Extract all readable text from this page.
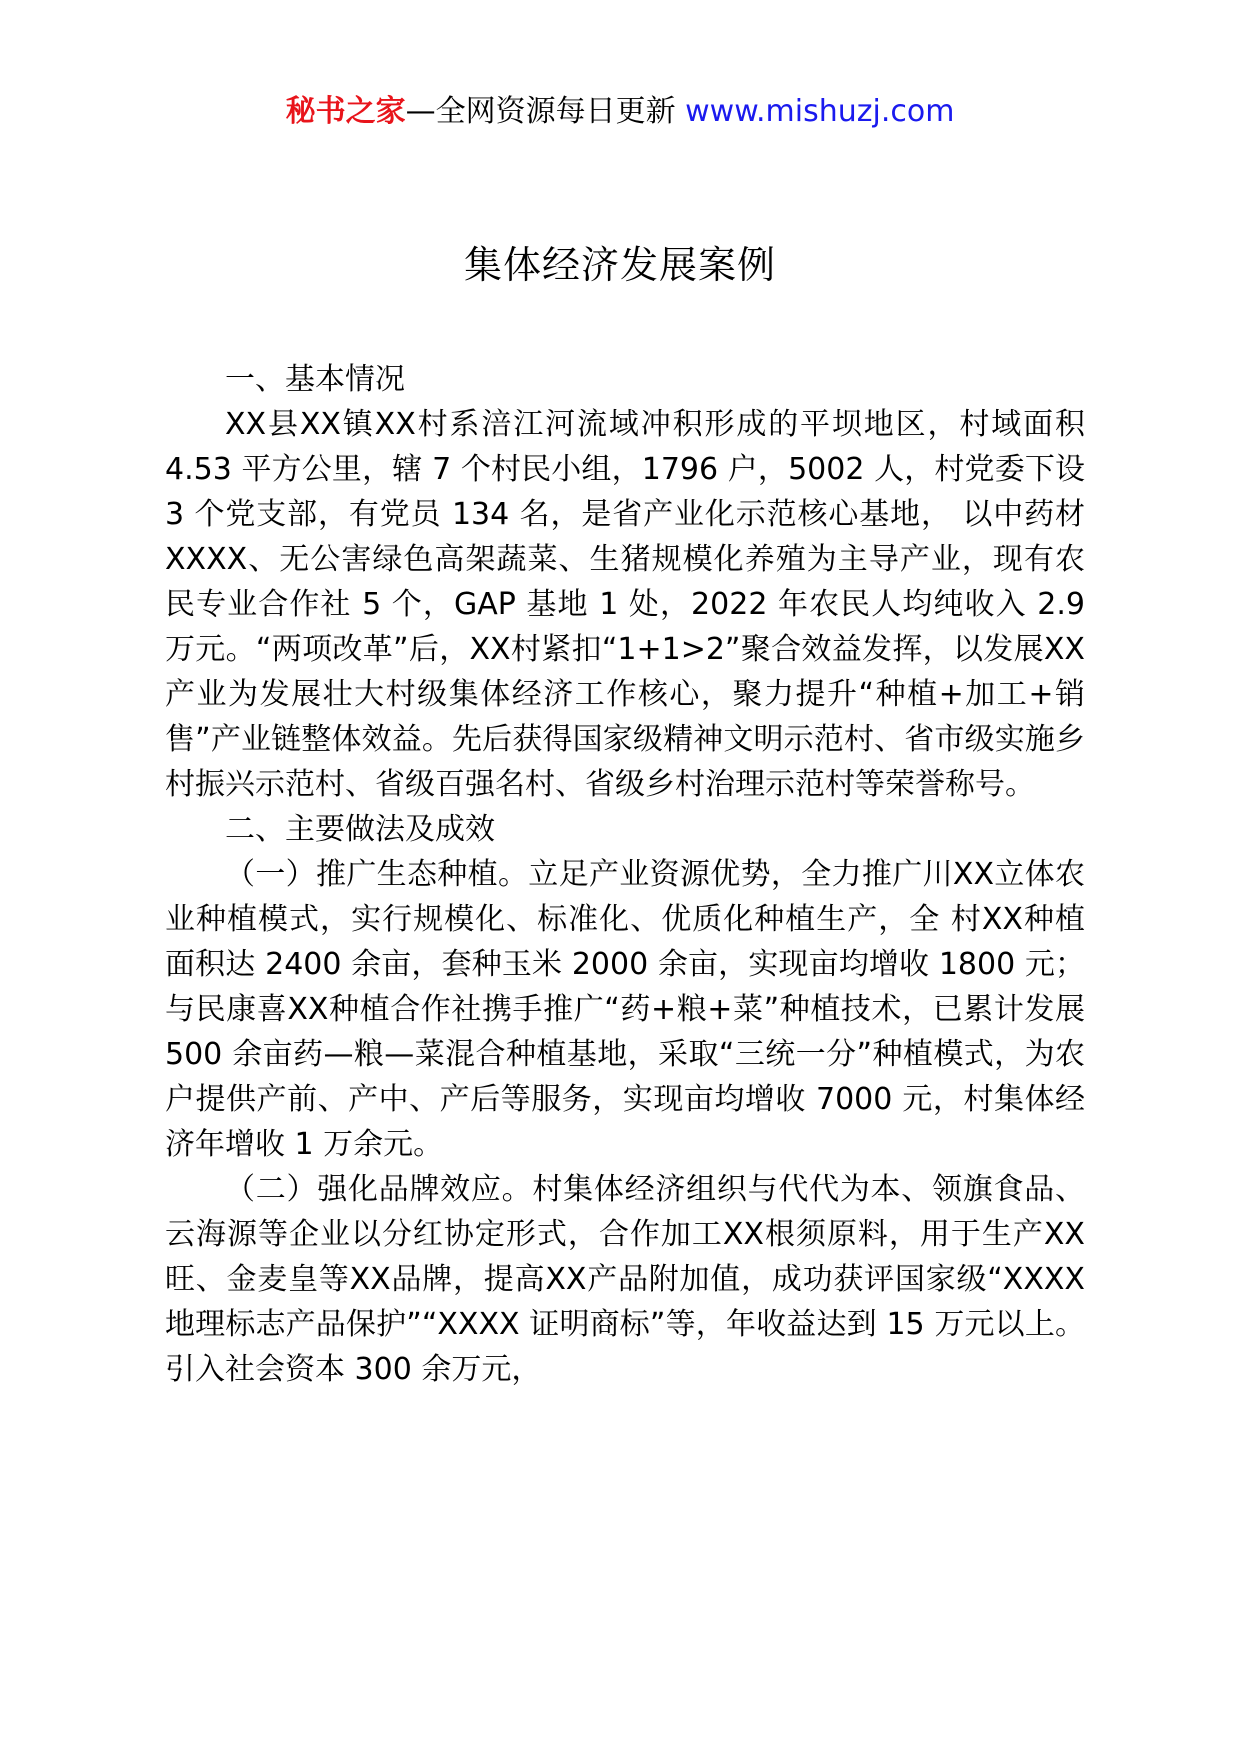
秘书之家—全网资源每日更新 www.mishuzj.com
集体经济发展案例

一、基本情况

XX县XX镇XX村系涪江河流域冲积形成的平坝地区，村域面积 4.53 平方公里，辖 7 个村民小组，1796 户，5002 人，村党委下设 3 个党支部，有党员 134 名，是省产业化示范核心基地， 以中药材XXXX、无公害绿色高架蔬菜、生猪规模化养殖为主导产业，现有农民专业合作社 5 个，GAP 基地 1 处，2022 年农民人均纯收入 2.9 万元。“两项改革”后，XX村紧扣“1+1>2”聚合效益发挥，以发展XX产业为发展壮大村级集体经济工作核心，聚力提升“种植+加工+销售”产业链整体效益。先后获得国家级精神文明示范村、省市级实施乡村振兴示范村、省级百强名村、省级乡村治理示范村等荣誉称号。

二、主要做法及成效

（一）推广生态种植。立足产业资源优势，全力推广川XX立体农业种植模式，实行规模化、标准化、优质化种植生产，全 村XX种植面积达 2400 余亩，套种玉米 2000 余亩，实现亩均增收 1800 元；与民康喜XX种植合作社携手推广“药+粮+菜”种植技术，已累计发展 500 余亩药—粮—菜混合种植基地，采取“三统一分”种植模式，为农户提供产前、产中、产后等服务，实现亩均增收 7000 元，村集体经济年增收 1 万余元。

（二）强化品牌效应。村集体经济组织与代代为本、领旗食品、云海源等企业以分红协定形式，合作加工XX根须原料，用于生产XX旺、金麦皇等XX品牌，提高XX产品附加值，成功获评国家级“XXXX 地理标志产品保护”“XXXX 证明商标”等，年收益达到 15 万元以上。引入社会资本 300 余万元，
